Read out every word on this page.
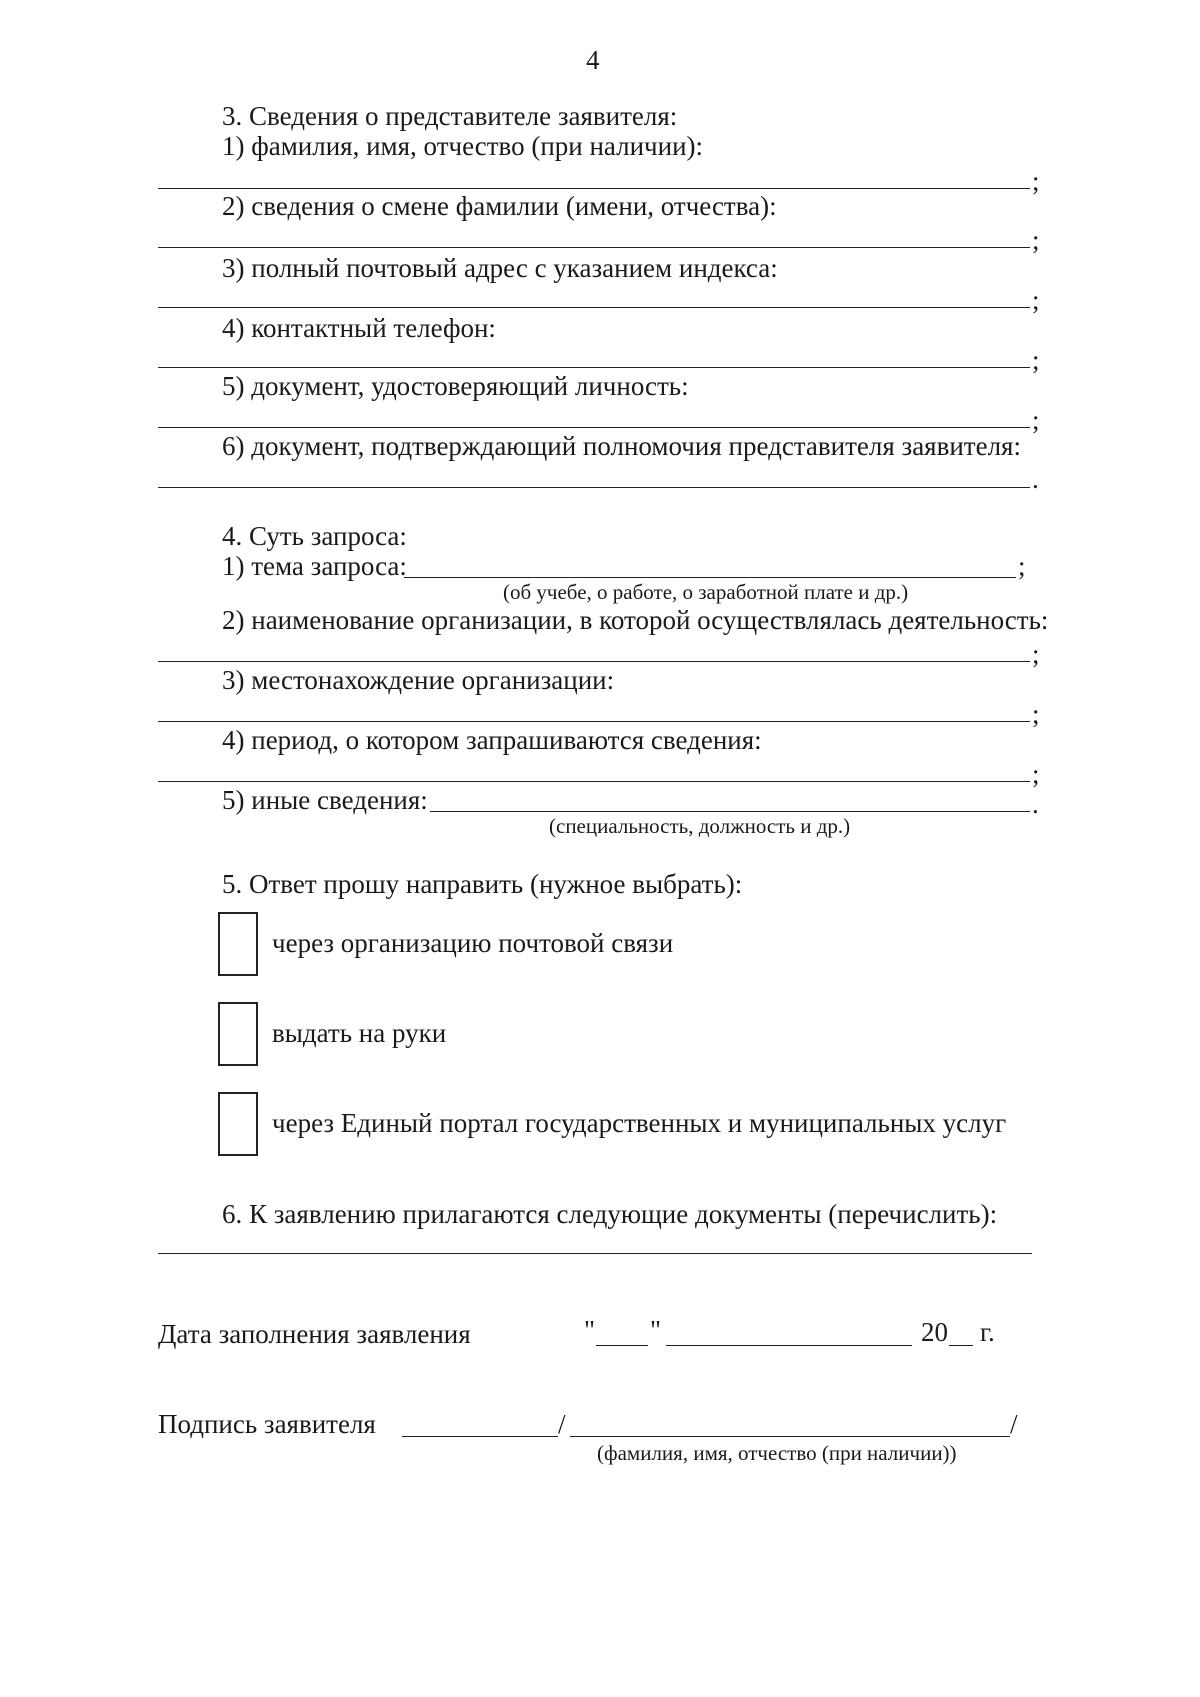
4
3. Сведения о представителе заявителя:
1) фамилия, имя, отчество (при наличии):
;
2) сведения о смене фамилии (имени, отчества):
;
3) полный почтовый адрес с указанием индекса:
;
4) контактный телефон:
;
5) документ, удостоверяющий личность:
;
6) документ, подтверждающий полномочия представителя заявителя:
.
4. Суть запроса:
1) тема запроса:	;
(об учебе, о работе, о заработной плате и др.)
2) наименование организации, в которой осуществлялась деятельность:
;
3) местонахождение организации:
;
4) период, о котором запрашиваются сведения:
;
5) иные сведения:	.
(специальность, должность и др.)
5. Ответ прошу направить (нужное выбрать):
через организацию почтовой связи
выдать на руки
через Единый портал государственных и муниципальных услуг
6. К заявлению прилагаются следующие документы (перечислить):
Дата заполнения заявления	" "	20 г.
Подпись заявителя	/	/
(фамилия, имя, отчество (при наличии))
